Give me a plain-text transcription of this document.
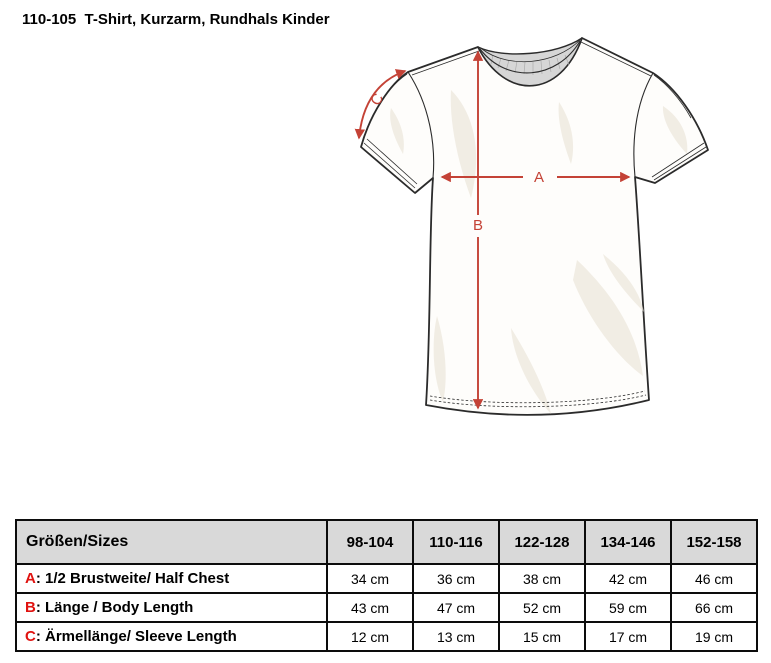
110-105  T-Shirt, Kurzarm, Rundhals Kinder
A
B
C
Größen/Sizes	98-104	110-116	122-128	134-146	152-158
A: 1/2 Brustweite/ Half Chest	34 cm	36 cm	38 cm	42 cm	46 cm
B: Länge / Body Length	43 cm	47 cm	52 cm	59 cm	66 cm
C: Ärmellänge/ Sleeve Length	12 cm	13 cm	15 cm	17 cm	19 cm
